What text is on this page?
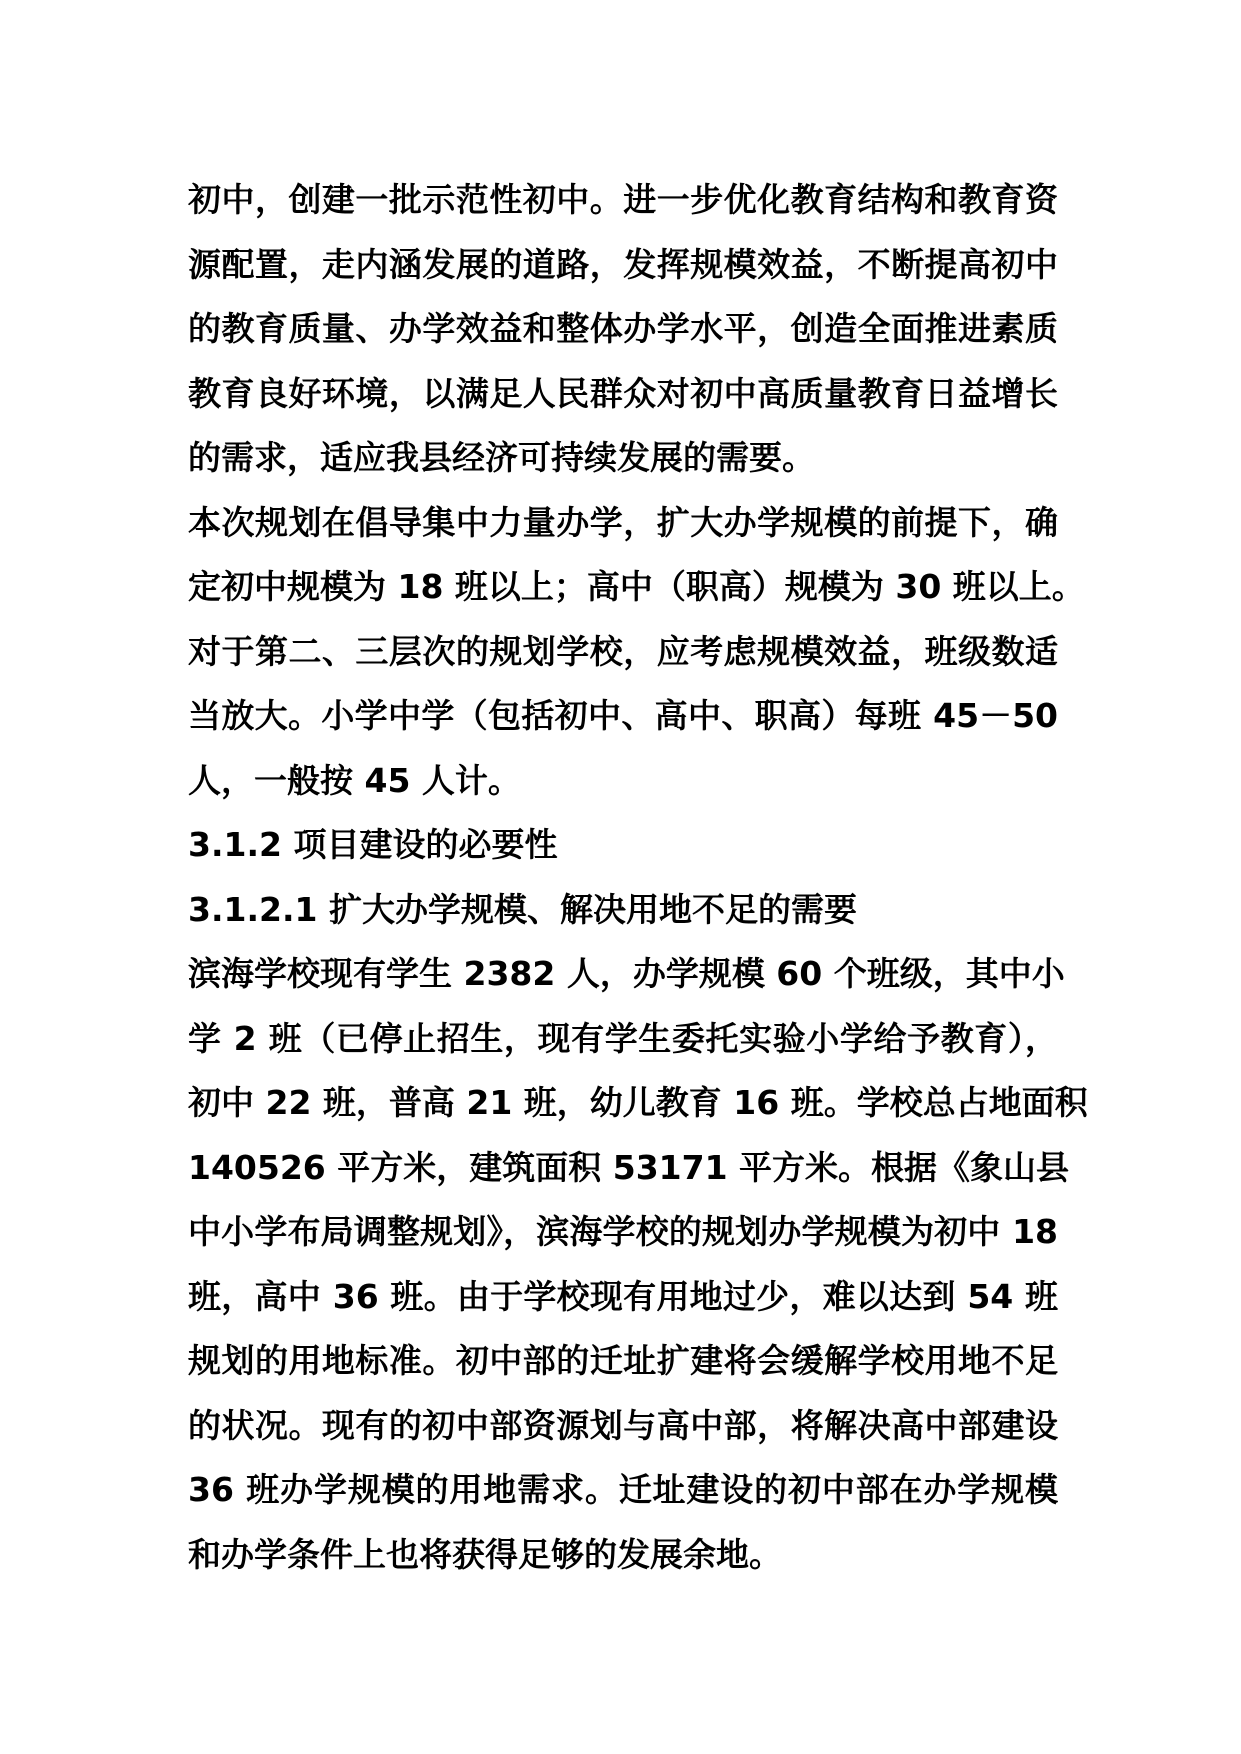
初中，创建一批示范性初中。进一步优化教育结构和教育资
源配置，走内涵发展的道路，发挥规模效益，不断提高初中
的教育质量、办学效益和整体办学水平，创造全面推进素质
教育良好环境，以满足人民群众对初中高质量教育日益增长
的需求，适应我县经济可持续发展的需要。
本次规划在倡导集中力量办学，扩大办学规模的前提下，确
定初中规模为 18 班以上；高中（职高）规模为 30 班以上。
对于第二、三层次的规划学校，应考虑规模效益，班级数适
当放大。小学中学（包括初中、高中、职高）每班 45－50
人，一般按 45 人计。
3.1.2 项目建设的必要性
3.1.2.1 扩大办学规模、解决用地不足的需要
滨海学校现有学生 2382 人，办学规模 60 个班级，其中小
学 2 班（已停止招生，现有学生委托实验小学给予教育），
初中 22 班，普高 21 班，幼儿教育 16 班。学校总占地面积
140526 平方米，建筑面积 53171 平方米。根据《象山县
中小学布局调整规划》，滨海学校的规划办学规模为初中 18
班，高中 36 班。由于学校现有用地过少，难以达到 54 班
规划的用地标准。初中部的迁址扩建将会缓解学校用地不足
的状况。现有的初中部资源划与高中部，将解决高中部建设
36 班办学规模的用地需求。迁址建设的初中部在办学规模
和办学条件上也将获得足够的发展余地。
